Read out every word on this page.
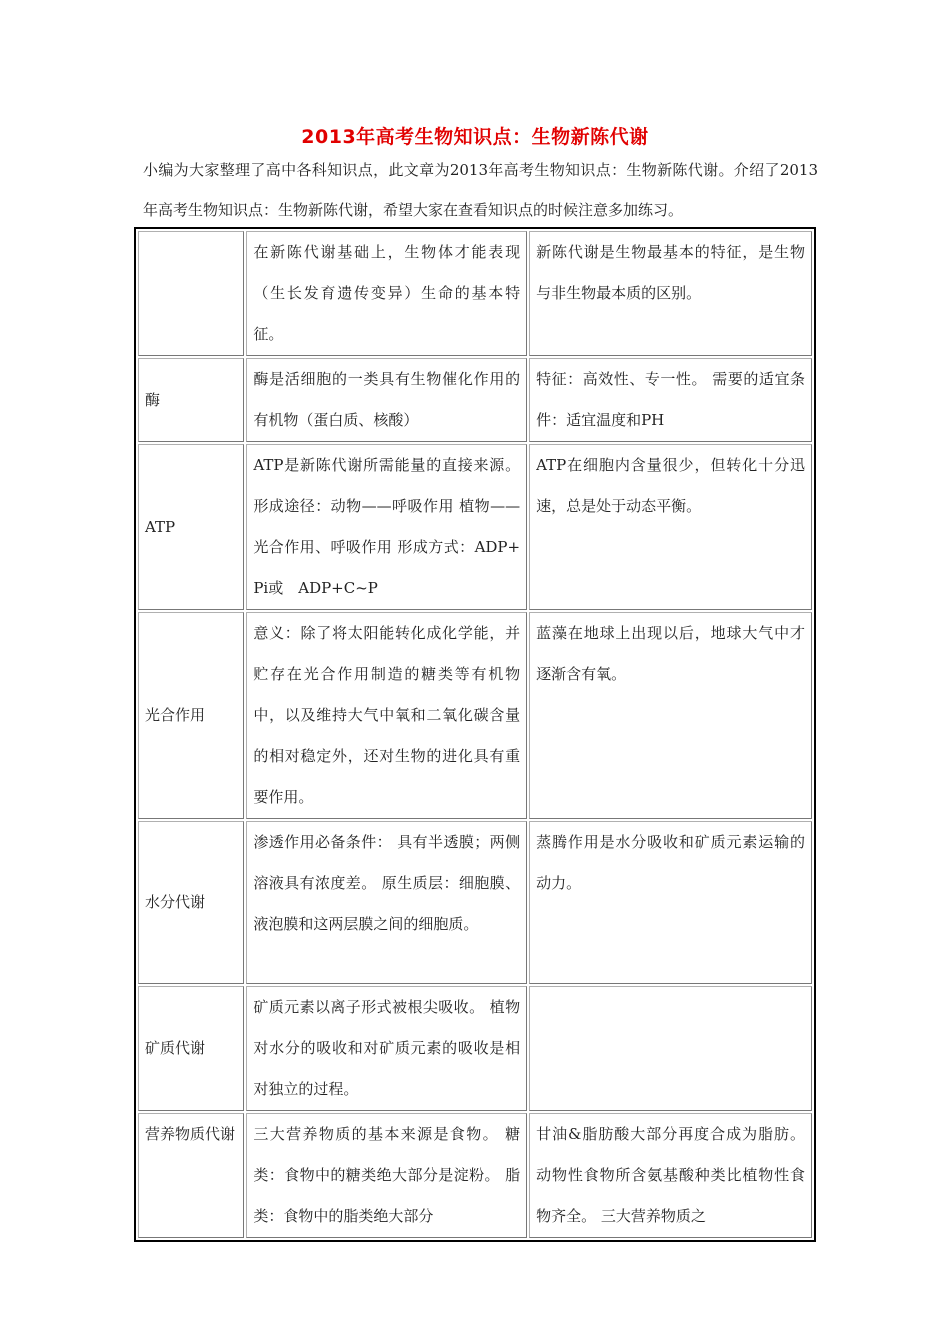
2013年高考生物知识点：生物新陈代谢
小编为大家整理了高中各科知识点，此文章为2013年高考生物知识点：生物新陈代谢。介绍了2013年高考生物知识点：生物新陈代谢，希望大家在查看知识点的时候注意多加练习。
	在新陈代谢基础上，生物体才能表现（生长发育遗传变异）生命的基本特征。	新陈代谢是生物最基本的特征，是生物与非生物最本质的区别。
酶	酶是活细胞的一类具有生物催化作用的有机物（蛋白质、核酸）	特征：高效性、专一性。 需要的适宜条件：适宜温度和PH
ATP	ATP是新陈代谢所需能量的直接来源。 形成途径：动物——呼吸作用 植物——光合作用、呼吸作用 形成方式：ADP+Pi或　ADP+C~P	ATP在细胞内含量很少，但转化十分迅速，总是处于动态平衡。
光合作用	意义：除了将太阳能转化成化学能，并贮存在光合作用制造的糖类等有机物中，以及维持大气中氧和二氧化碳含量的相对稳定外，还对生物的进化具有重要作用。	蓝藻在地球上出现以后，地球大气中才逐渐含有氧。
水分代谢	渗透作用必备条件： 具有半透膜；两侧溶液具有浓度差。 原生质层：细胞膜、液泡膜和这两层膜之间的细胞质。	蒸腾作用是水分吸收和矿质元素运输的动力。
矿质代谢	矿质元素以离子形式被根尖吸收。 植物对水分的吸收和对矿质元素的吸收是相对独立的过程。	
营养物质代谢	三大营养物质的基本来源是食物。 糖类：食物中的糖类绝大部分是淀粉。 脂类：食物中的脂类绝大部分	甘油&脂肪酸大部分再度合成为脂肪。 动物性食物所含氨基酸种类比植物性食物齐全。 三大营养物质之
